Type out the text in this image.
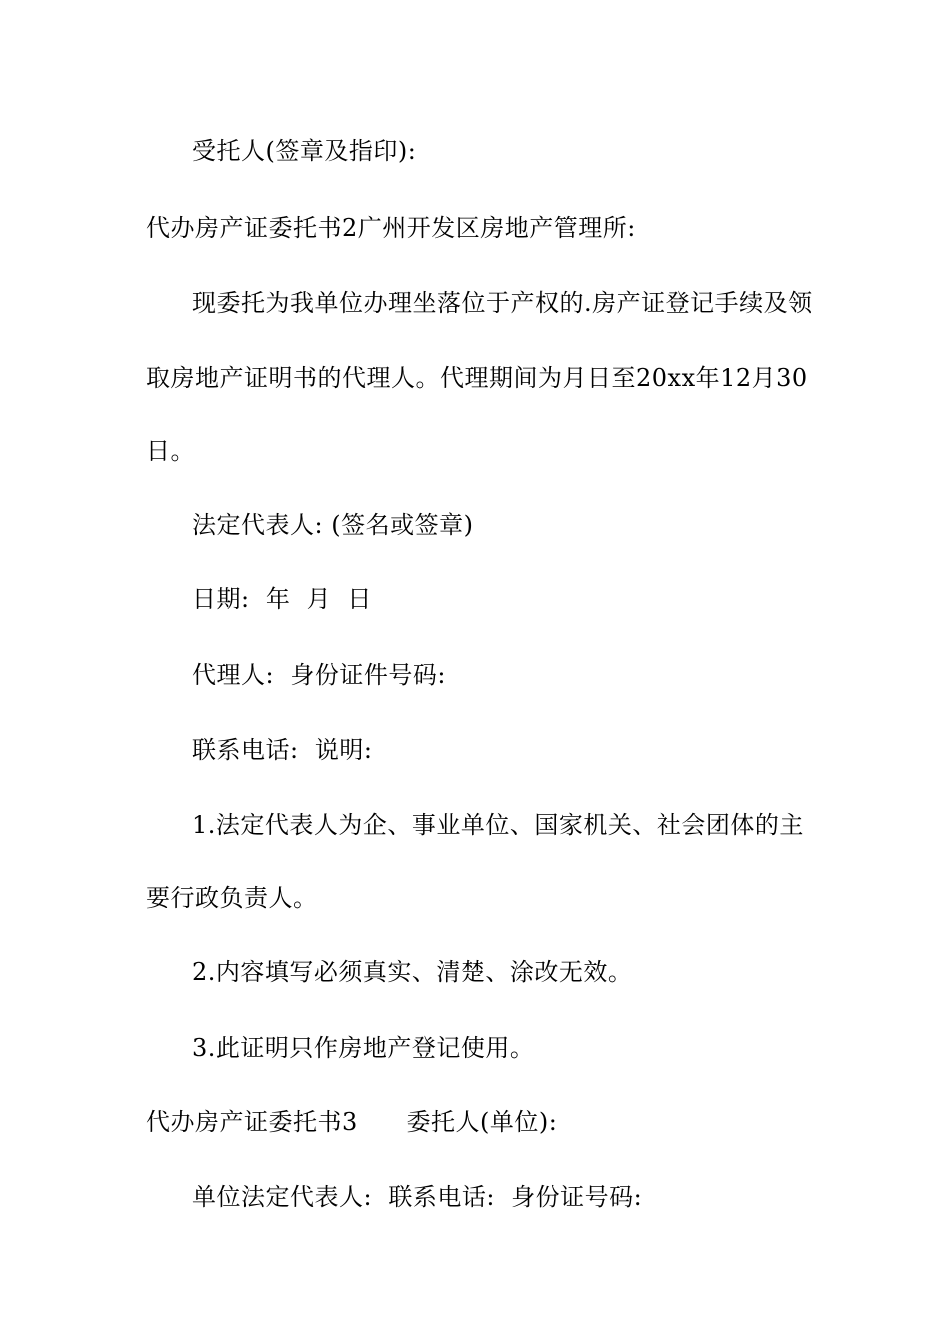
受托人(签章及指印):
代办房产证委托书2广州开发区房地产管理所:
现委托为我单位办理坐落位于产权的.房产证登记手续及领
取房地产证明书的代理人。代理期间为月日至20xx年12月30
日。
法定代表人: (签名或签章)
日期:  年  月  日
代理人:  身份证件号码:
联系电话:  说明:
1.法定代表人为企、事业单位、国家机关、社会团体的主
要行政负责人。
2.内容填写必须真实、清楚、涂改无效。
3.此证明只作房地产登记使用。
代办房产证委托书3      委托人(单位):
单位法定代表人:  联系电话:  身份证号码:
